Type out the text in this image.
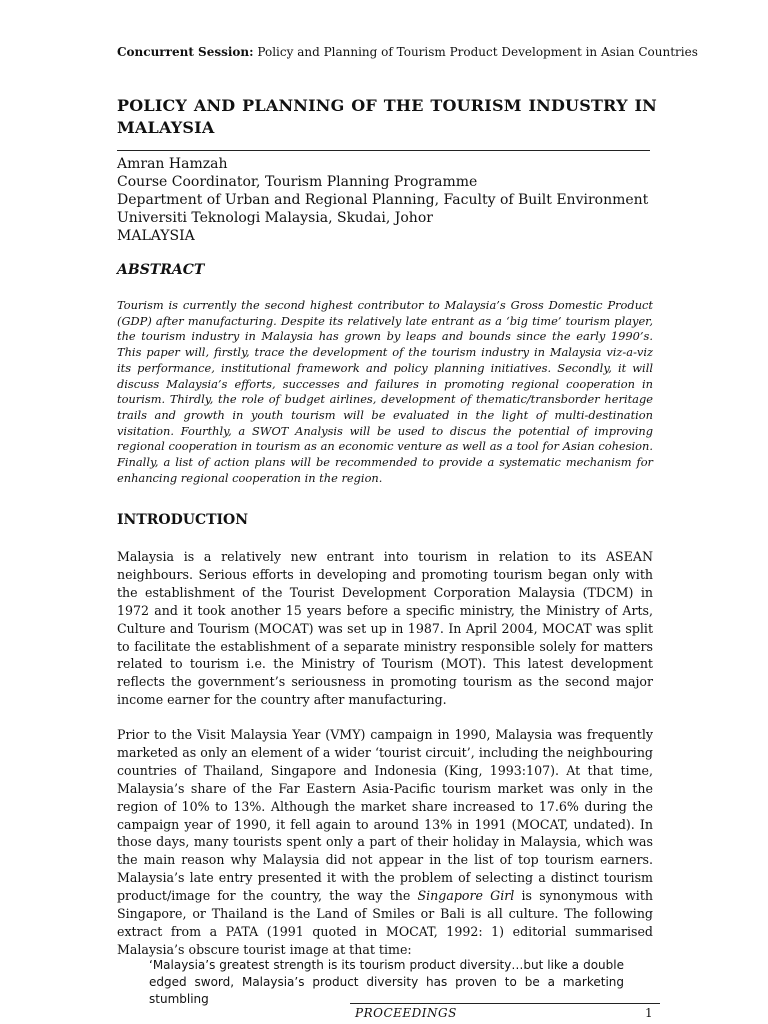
Concurrent Session: Policy and Planning of Tourism Product Development in Asian Countries
POLICY AND PLANNING OF THE TOURISM INDUSTRY IN MALAYSIA
Amran Hamzah
Course Coordinator, Tourism Planning Programme
Department of Urban and Regional Planning, Faculty of Built Environment
Universiti Teknologi Malaysia, Skudai, Johor
MALAYSIA
ABSTRACT
Tourism is currently the second highest contributor to Malaysia’s Gross Domestic Product (GDP) after manufacturing. Despite its relatively late entrant as a ‘big time’ tourism player, the tourism industry in Malaysia has grown by leaps and bounds since the early 1990’s. This paper will, firstly, trace the development of the tourism industry in Malaysia viz-a-viz its performance, institutional framework and policy planning initiatives. Secondly, it will discuss Malaysia’s efforts, successes and failures in promoting regional cooperation in tourism. Thirdly, the role of budget airlines, development of thematic/transborder heritage trails and growth in youth tourism will be evaluated in the light of multi-destination visitation. Fourthly, a SWOT Analysis will be used to discus the potential of improving regional cooperation in tourism as an economic venture as well as a tool for Asian cohesion. Finally, a list of action plans will be recommended to provide a systematic mechanism for enhancing regional cooperation in the region.
INTRODUCTION
Malaysia is a relatively new entrant into tourism in relation to its ASEAN neighbours. Serious efforts in developing and promoting tourism began only with the establishment of the Tourist Development Corporation Malaysia (TDCM) in 1972 and it took another 15 years before a specific ministry, the Ministry of Arts, Culture and Tourism (MOCAT) was set up in 1987. In April 2004, MOCAT was split to facilitate the establishment of a separate ministry responsible solely for matters related to tourism i.e. the Ministry of Tourism (MOT). This latest development reflects the government’s seriousness in promoting tourism as the second major income earner for the country after manufacturing.
Prior to the Visit Malaysia Year (VMY) campaign in 1990, Malaysia was frequently marketed as only an element of a wider ‘tourist circuit’, including the neighbouring countries of Thailand, Singapore and Indonesia (King, 1993:107). At that time, Malaysia’s share of the Far Eastern Asia-Pacific tourism market was only in the region of 10% to 13%. Although the market share increased to 17.6% during the campaign year of 1990, it fell again to around 13% in 1991 (MOCAT, undated). In those days, many tourists spent only a part of their holiday in Malaysia, which was the main reason why Malaysia did not appear in the list of top tourism earners. Malaysia’s late entry presented it with the problem of selecting a distinct tourism product/image for the country, the way the Singapore Girl is synonymous with Singapore, or Thailand is the Land of Smiles or Bali is all culture. The following extract from a PATA (1991 quoted in MOCAT, 1992: 1) editorial summarised Malaysia’s obscure tourist image at that time:
‘Malaysia’s greatest strength is its tourism product diversity…but like a double edged sword, Malaysia’s product diversity has proven to be a marketing stumbling
PROCEEDINGS	1
